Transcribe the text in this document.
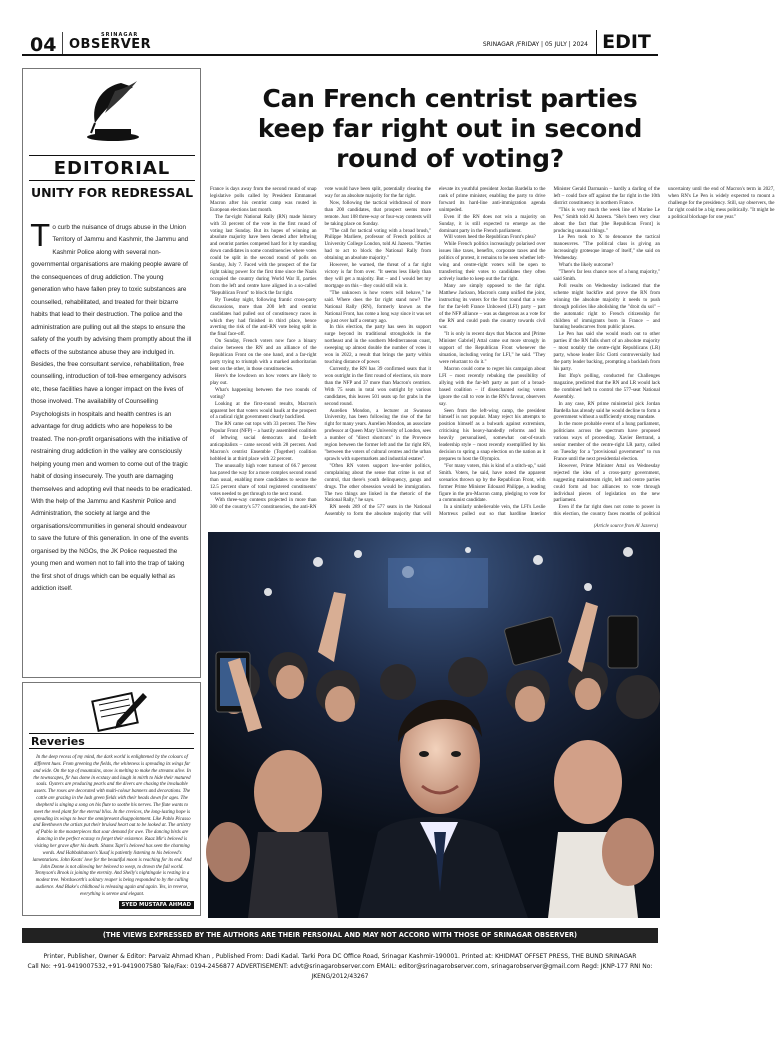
04	SRINAGAR
OBSERVER	SRINAGAR /FRIDAY | 05 JULY | 2024 EDIT
EDITORIAL
UNITY FOR REDRESSAL
T o curb the nuisance of drugs abuse in the Union Territory of Jammu and Kashmir, the Jammu and Kashmir Police along with several non-governmental organisations are making people aware of the consequences of drug addiction. The young generation who have fallen prey to toxic substances are counselled, rehabilitated, and treated for their bizarre habits that lead to their destruction. The police and the administration are pulling out all the steps to ensure the safety of the youth by advising them promptly about the ill effects of the substance abuse they are indulged in. Besides, the free consultant service, rehabilitation, free counselling, introduction of toll-free emergency advisors etc, these facilities have a longer impact on the lives of those involved. The availability of Counselling Psychologists in hospitals and health centres is an advantage for drug addicts who are hopeless to be treated. The non-profit organisations with the initiative of restraining drug addiction in the valley are consciously helping young men and women to come out of the tragic habit of dosing insecurely. The youth are damaging themselves and adopting evil that needs to be eradicated. With the help of the Jammu and Kashmir Police and Administration, the society at large and the organisations/communities in general should endeavour to save the future of this generation. In one of the events organised by the NGOs, the JK Police requested the young men and women not to fall into the trap of taking the first shot of drugs which can be equally lethal as addiction itself.
Reveries
In the deep recess of my mind, the dark world is enlightened by the colours of different hues. From greening the fields, the whiteness is spreading its wings far and wide. On the top of mountains, snow is melting to make the streams alive. In the townscapes, fir has dome in ecstasy and laugh in mirth to hide their matured souls. Oysters are producing pearls and the divers are chasing the invaluable assets. The roses are decorated with multi-colour banners and decorations. The cattle are grazing in the lush green fields with their heads down for ages. The shepherd is singing a song on his flute to soothe his nerves. The flute wants to meet the reed plant for the eternal bliss. In the crevices, the long-lasting hope is spreading its wings to bear the omnipresent disappointment. Like Pablo Picasso and Beethoven the artists put their bruised heart out to be looked at. The artistry of Pablo in the masterpieces that soar demand for awe. The dancing birds are dancing in the perfect ecstasy to forget their existence. Raaz Mir's beloved is visiting her grave after his death. Shams Tapri's beloved has seen the charming words. And Habbakhatoon's Yusuf is patiently listening to his beloved's lamentations. John Keats' love for the beautiful moon is reaching for its end. And John Donne is not allowing her beloved to weep, to drown the full world. Tennyson's Brook is joining the eternity. And Shelly's nightingale is resting in a modest tree. Wordsworth's solitary reaper is being responded to by the calling audience. And Blake's childhood is releasing again and again. Yes, in reverse, everything is serene and elegant.
SYED MUSTAFA AHMAD
Can French centrist parties keep far right out in second round of voting?

France is days away from the second round of snap legislative polls called by President Emmanuel Macron after his centrist camp was routed in European elections last month.

The far-right National Rally (RN) made history with 33 percent of the vote in the first round of voting last Sunday. But its hopes of winning an absolute majority have been dented after leftwing and centrist parties competed hard for it by standing down candidates in some constituencies where votes could be split in the second round of polls on Sunday, July 7. Faced with the prospect of the far right taking power for the first time since the Nazis occupied the country during World War II, parties from the left and centre have aligned in a so-called "Republican Front" to block the far right.

By Tuesday night, following frantic cross-party discussions, more than 200 left and centrist candidates had pulled out of constituency races in which they had finished in third place, hence averting the risk of the anti-RN vote being split in the final face-off.

On Sunday, French voters now face a binary choice between the RN and an alliance of the Republican Front on the one hand, and a far-right party trying to triumph with a marked authoritarian bent on the other, in those constituencies.

Here's the lowdown on how voters are likely to play out.

What's happening between the two rounds of voting?

Looking at the first-round results, Macron's apparent bet that voters would baulk at the prospect of a radical right government clearly backfired.

The RN came out tops with 33 percent. The New Popular Front (NFP) – a hastily assembled coalition of leftwing social democrats and far-left anticapitalists – came second with 28 percent. And Macron's centrist Ensemble (Together) coalition hobbled in at third place with 22 percent.

The unusually high voter turnout of 66.7 percent has paved the way for a more complex second round than usual, enabling more candidates to secure the 12.5 percent share of total registered constituents' votes needed to get through to the next round.

With three-way contests projected in more than 300 of the country's 577 constituencies, the anti-RN vote would have been split, potentially clearing the way for an absolute majority for the far right.

Now, following the tactical withdrawal of more than 200 candidates, that prospect seems more remote. Just 108 three-way or four-way contests will be taking place on Sunday.

"The call for tactical voting with a broad brush," Philippe Marliere, professor of French politics at University College London, told Al Jazeera. "Parties had to act to block the National Rally from obtaining an absolute majority."

However, he warned, the threat of a far right victory is far from over. "It seems less likely than they will get a majority. But – and I would bet my mortgage on this – they could still win it.

"The unknown is how voters will behave," he said. Where does the far right stand now? The National Rally (RN), formerly known as the National Front, has come a long way since it was set up just over half a century ago.

In this election, the party has seen its support surge beyond its traditional strongholds in the northeast and in the southern Mediterranean coast, sweeping up almost double the number of votes it won in 2022, a result that brings the party within touching distance of power.

Currently, the RN has 39 confirmed seats that it won outright in the first round of elections, six more than the NFP and 37 more than Macron's centrists. With 75 seats in total won outright by various candidates, this leaves 501 seats up for grabs in the second round.

Aurelien Mondon, a lecturer at Swansea University, has been following the rise of the far right for many years. Aurelien Mondon, an associate professor at Queen Mary University of London, sees a number of "direct shortcuts" in the Provence region between the former left and the far right RN, "between the voters of cultural centres and the urban sprawls with supermarkets and industrial estates".

"Often RN voters support low-order politics, complaining about the sense that crime is out of control, that there's youth delinquency, gangs and drugs. The other obsession would be immigration. The two things are linked in the rhetoric of the National Rally," he says.

RN needs 289 of the 577 seats in the National Assembly to form the absolute majority that will elevate its youthful president Jordan Bardella to the rank of prime minister, enabling the party to drive forward its hard-line anti-immigration agenda unimpeded.

Even if the RN does not win a majority on Sunday, it is still expected to emerge as the dominant party in the French parliament.

Will voters heed the Republican Front's plea?

While French politics increasingly polarised over issues like taxes, benefits, corporate taxes and the politics of protest, it remains to be seen whether left-wing and centre-right voters will be open to transferring their votes to candidates they often actively loathe to keep out the far right.

Many are simply opposed to the far right. Matthew Jackson, Macron's camp unified the joint, instructing its voters for the first round that a vote for the far-left France Unbowed (LFI) party – part of the NFP alliance – was as dangerous as a vote for the RN and could push the country towards civil war.

"It is only in recent days that Macron and [Prime Minister Gabriel] Attal came out more strongly in support of the Republican Front whenever the situation, including voting for LFI," he said. "They were reluctant to do it."

Macron could come to regret his campaign about LFI – most recently rebuking the possibility of allying with the far-left party as part of a broad-based coalition – if disenchanted swing voters ignore the call to vote in the RN's favour, observers say.

Seen from the left-wing camp, the president himself is not popular. Many reject his attempts to position himself as a bulwark against extremism, criticising his heavy-handedly reforms and his heavily personalised, somewhat out-of-touch leadership style – most recently exemplified by his decision to spring a snap election on the nation as it prepares to host the Olympics.

"For many voters, this is kind of a stitch-up," said Smith. Voters, he said, have noted the apparent scenarios thrown up by the Republican Front, with former Prime Minister Edouard Philippe, a leading figure in the pro-Macron camp, pledging to vote for a communist candidate.

In a similarly unbelievable vein, the LFI's Leslie Mortreux pulled out so that hardline Interior Minister Gerald Darmanin – hardly a darling of the left – could face off against the far right in the 10th district constituency in northern France.

"This is very much the week line of Marine Le Pen," Smith told Al Jazeera. "She's been very clear about the fact that [the Republican Front] is producing unusual things."

Le Pen took to X to denounce the tactical manoeuvres. "The political class is giving an increasingly grotesque image of itself," she said on Wednesday.

What's the likely outcome?

"There's far less chance now of a hung majority," said Smith.

Poll results on Wednesday indicated that the scheme might backfire and prove the RN from winning the absolute majority it needs to push through policies like abolishing the "droit du sol" – the automatic right to French citizenship for children of immigrants born in France – and banning headscarves from public places.

Le Pen has said she would reach out to other parties if the RN falls short of an absolute majority – most notably the centre-right Republicans (LR) party, whose leader Eric Ciotti controversially had the party leader backing, prompting a backlash from his party.

But Ifop's polling, conducted for Challenges magazine, predicted that the RN and LR would lack the combined heft to control the 577-seat National Assembly.

In any case, RN prime ministerial pick Jordan Bardella has already said he would decline to form a government without a sufficiently strong mandate.

In the more probable event of a hung parliament, politicians across the spectrum have proposed various ways of proceeding. Xavier Bertrand, a senior member of the centre-right LR party, called on Tuesday for a "provisional government" to run France until the next presidential election.

However, Prime Minister Attal on Wednesday rejected the idea of a cross-party government, suggesting mainstream right, left and centre parties could form ad hoc alliances to vote through individual pieces of legislation on the new parliament.

Even if the far right does not come to power in this election, the country faces months of political uncertainty until the end of Macron's term in 2027, when RN's Le Pen is widely expected to mount a challenge for the presidency. Still, say observers, the far right could be a big mess politically. "It might be a political blockage for one year."

(Article source from Al Jazeera)
(THE VIEWS EXPRESSED BY THE AUTHORS ARE THEIR PERSONAL AND MAY NOT ACCORD WITH THOSE OF SRINAGAR OBSERVER)
Printer, Publisher, Owner & Editor: Parvaiz Ahmad Khan , Published From: Dadi Kadal. Tarki Pora DC Office Road, Srinagar Kashmir-190001. Printed at: KHIDMAT OFFSET PRESS, THE BUND SRINAGAR
Call No: +91-9419007532,+91-9419007580 Tele/Fax: 0194-2456877 ADVERTISEMENT: advt@srinagarobserver.com EMAIL: editor@srinagarobserver.com, srinagarobserver@gmail.com Regd: JKNP-177 RNI No: JKENG/2012/43267
